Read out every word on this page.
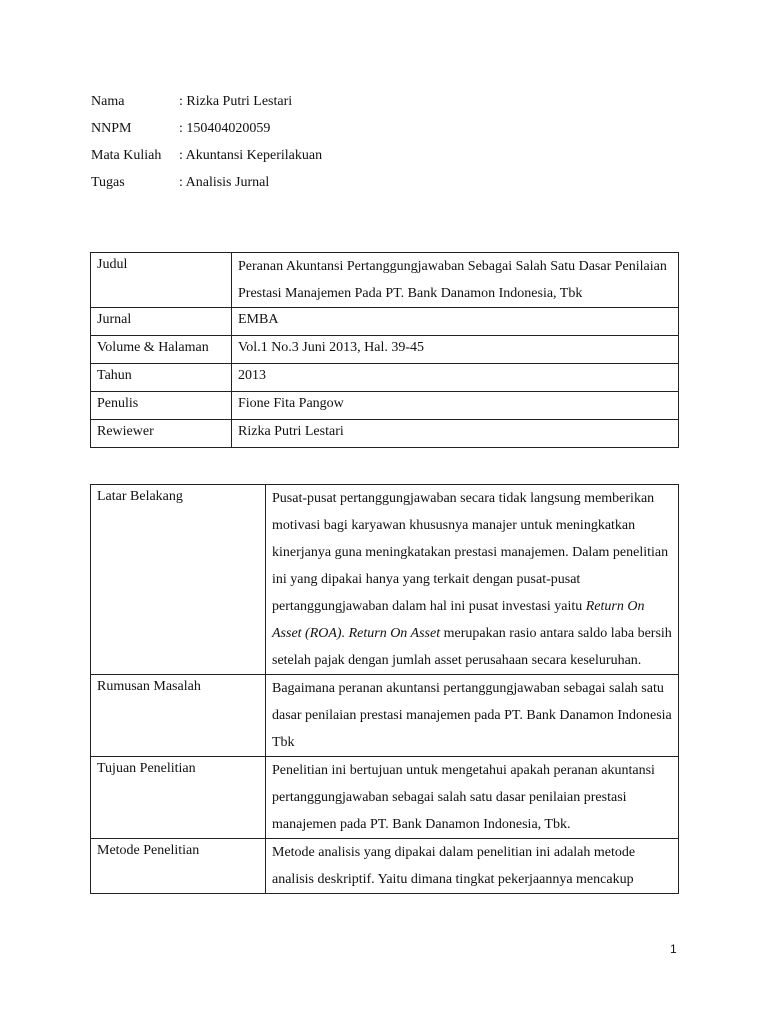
Nama	: Rizka Putri Lestari
NNPM	: 150404020059
Mata Kuliah	: Akuntansi Keperilakuan
Tugas	: Analisis Jurnal
Judul	Peranan Akuntansi Pertanggungjawaban Sebagai Salah Satu Dasar Penilaian Prestasi Manajemen Pada PT. Bank Danamon Indonesia, Tbk
Jurnal	EMBA
Volume & Halaman	Vol.1 No.3 Juni 2013, Hal. 39-45
Tahun	2013
Penulis	Fione Fita Pangow
Rewiewer	Rizka Putri Lestari
Latar Belakang	Pusat-pusat pertanggungjawaban secara tidak langsung memberikan motivasi bagi karyawan khususnya manajer untuk meningkatkan kinerjanya guna meningkatakan prestasi manajemen. Dalam penelitian ini yang dipakai hanya yang terkait dengan pusat-pusat pertanggungjawaban dalam hal ini pusat investasi yaitu Return On Asset (ROA). Return On Asset merupakan rasio antara saldo laba bersih setelah pajak dengan jumlah asset perusahaan secara keseluruhan.
Rumusan Masalah	Bagaimana peranan akuntansi pertanggungjawaban sebagai salah satu dasar penilaian prestasi manajemen pada PT. Bank Danamon Indonesia Tbk
Tujuan Penelitian	Penelitian ini bertujuan untuk mengetahui apakah peranan akuntansi pertanggungjawaban sebagai salah satu dasar penilaian prestasi manajemen pada PT. Bank Danamon Indonesia, Tbk.
Metode Penelitian	Metode analisis yang dipakai dalam penelitian ini adalah metode analisis deskriptif. Yaitu dimana tingkat pekerjaannya mencakup
1
